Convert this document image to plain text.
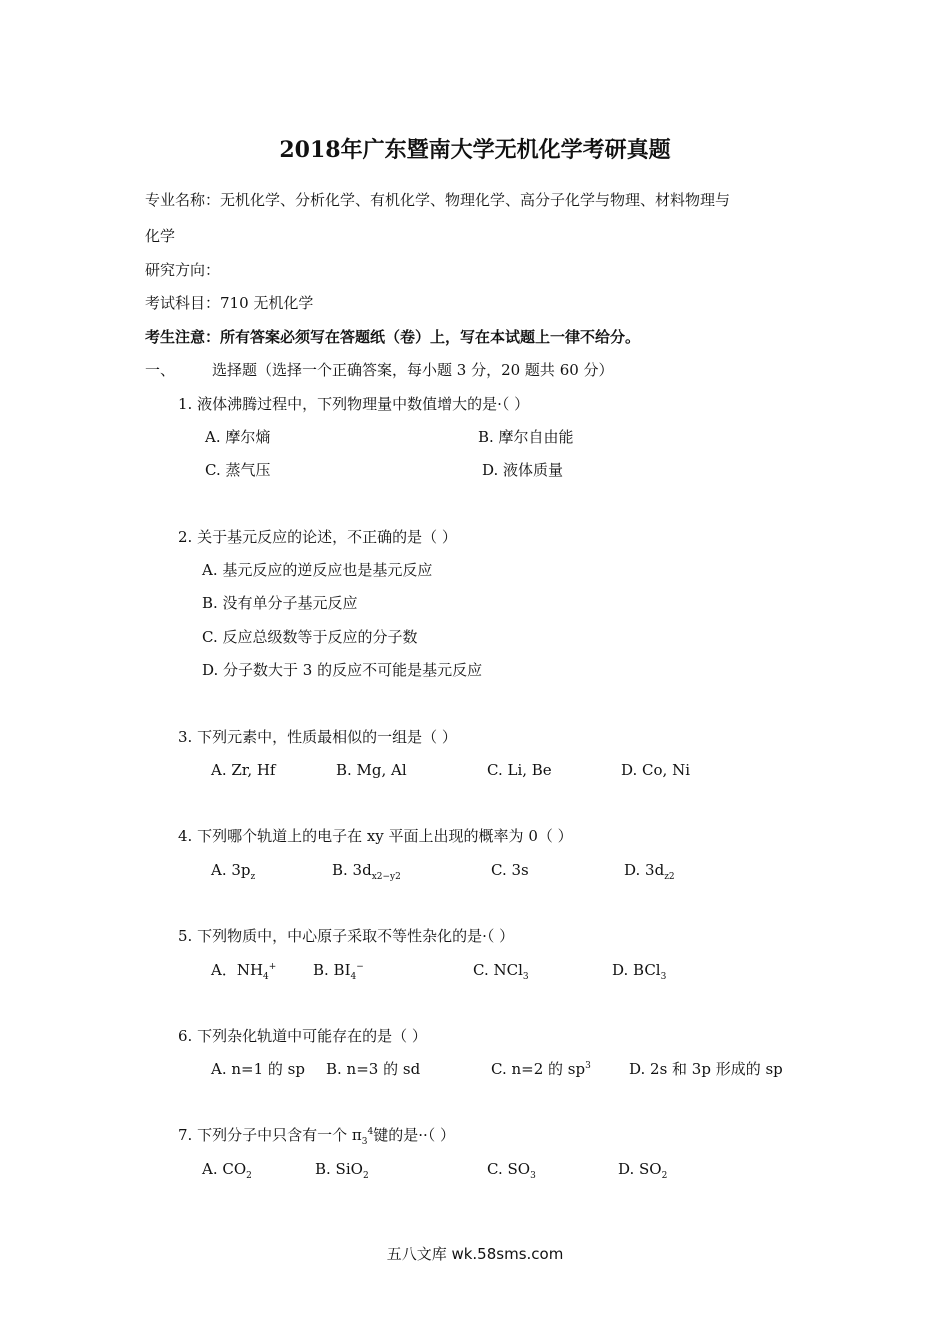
2018年广东暨南大学无机化学考研真题
专业名称：无机化学、分析化学、有机化学、物理化学、高分子化学与物理、材料物理与
化学
研究方向：
考试科目：710 无机化学
考生注意：所有答案必须写在答题纸（卷）上，写在本试题上一律不给分。
一、 选择题（选择一个正确答案，每小题 3 分，20 题共 60 分）
1. 液体沸腾过程中，下列物理量中数值增大的是·（ ）
A. 摩尔熵	B. 摩尔自由能
C. 蒸气压	D. 液体质量
2. 关于基元反应的论述，不正确的是（ ）
A. 基元反应的逆反应也是基元反应
B. 没有单分子基元反应
C. 反应总级数等于反应的分子数
D. 分子数大于 3 的反应不可能是基元反应
3. 下列元素中，性质最相似的一组是（ ）
A. Zr, Hf	B. Mg, Al	C. Li, Be	D. Co, Ni
4. 下列哪个轨道上的电子在 xy 平面上出现的概率为 0（ ）
A. $3p_z$	B. $3d_{x2-y2}$	C. 3s	D. $3d_{z2}$
5. 下列物质中，中心原子采取不等性杂化的是·（ ）
A．$NH_4^+$ B. $BI_4^-$	C. NCl$_3$	D. BCl$_3$
6. 下列杂化轨道中可能存在的是（ ）
A. n=1 的 sp B. n=3 的 sd	C. n=2 的 $sp^3$	D. 2s 和 3p 形成的 sp
7. 下列分子中只含有一个 $\pi_3^4$键的是··（ ）
A. $CO_2$	B. SiO$_2$	C. $SO_3$	D. $SO_2$
五八文库 wk.58sms.com
